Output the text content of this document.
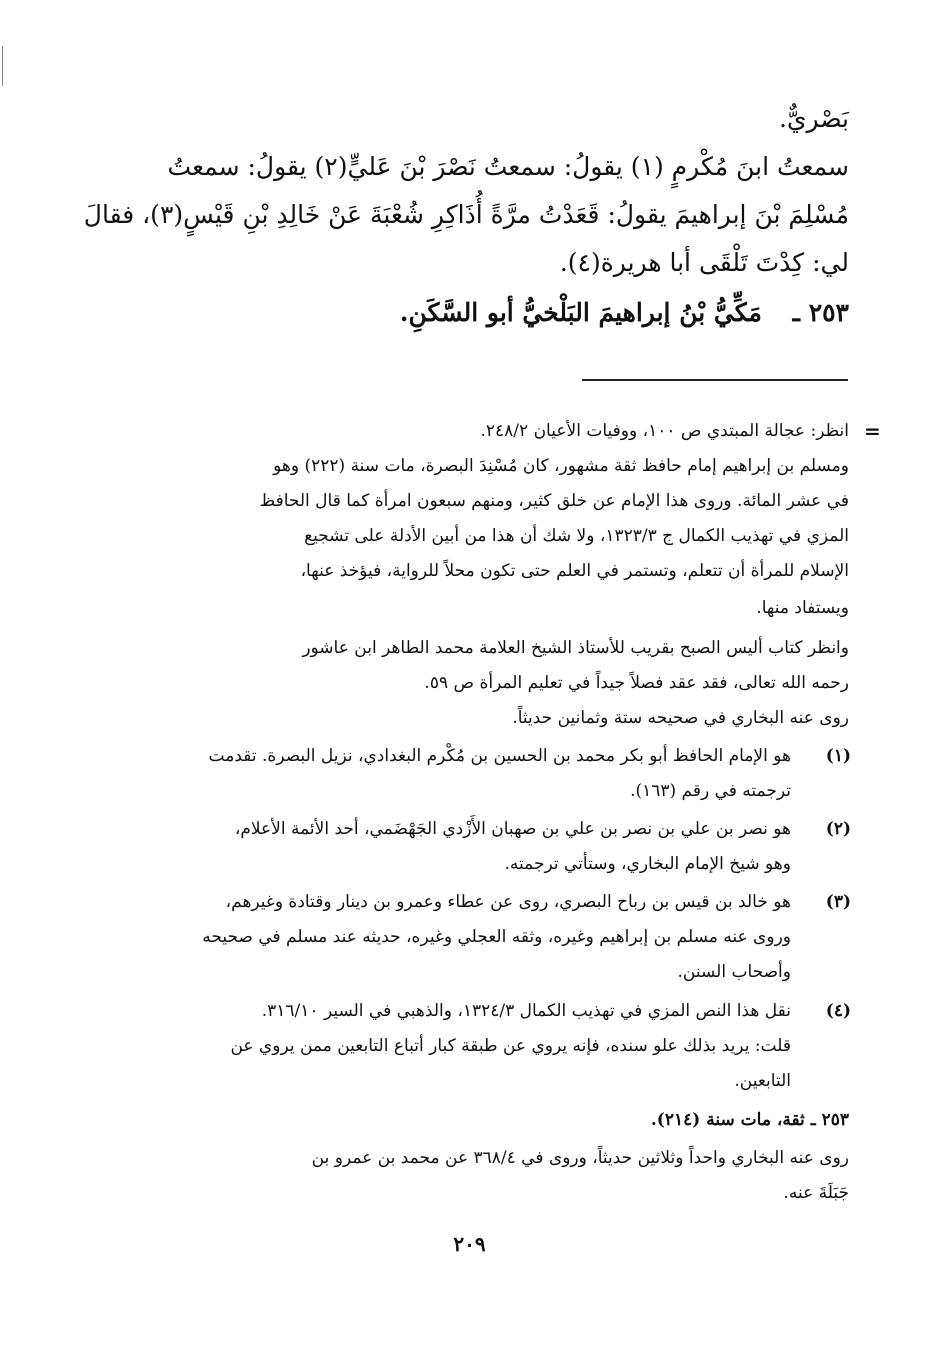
بَصْريٌّ.
سمعتُ ابنَ مُكْرمٍ (١) يقولُ: سمعتُ نَصْرَ بْنَ عَليٍّ(٢) يقولُ: سمعتُ
مُسْلِمَ بْنَ إبراهيمَ يقولُ: قَعَدْتُ مرَّةً أُذَاكِرِ شُعْبَةَ عَنْ خَالِدِ بْنِ قَيْسٍ(٣)، فقالَ
لي: كِدْتَ تَلْقَى أبا هريرة(٤).
٢٥٣ ـ مَكِّيُّ بْنُ إبراهيمَ البَلْخيُّ أبو السَّكَنِ.
=
انظر: عجالة المبتدي ص ١٠٠، ووفيات الأعيان ٢٤٨/٢.
ومسلم بن إبراهيم إمام حافظ ثقة مشهور، كان مُسْنِدَ البصرة، مات سنة (٢٢٢) وهو
في عشر المائة. وروى هذا الإمام عن خلق كثير، ومنهم سبعون امرأة كما قال الحافظ
المزي في تهذيب الكمال ج ١٣٢٣/٣، ولا شك أن هذا من أبين الأدلة على تشجيع
الإسلام للمرأة أن تتعلم، وتستمر في العلم حتى تكون محلاً للرواية، فيؤخذ عنها،
ويستفاد منها.
وانظر كتاب أليس الصبح بقريب للأستاذ الشيخ العلامة محمد الطاهر ابن عاشور
رحمه الله تعالى، فقد عقد فصلاً جيداً في تعليم المرأة ص ٥٩.
روى عنه البخاري في صحيحه ستة وثمانين حديثاً.
(١)
هو الإمام الحافظ أبو بكر محمد بن الحسين بن مُكْرم البغدادي، نزيل البصرة. تقدمت
ترجمته في رقم (١٦٣).
(٢)
هو نصر بن علي بن نصر بن علي بن صهبان الأَزْدي الجَهْضَمي، أحد الأئمة الأعلام،
وهو شيخ الإمام البخاري، وستأتي ترجمته.
(٣)
هو خالد بن قيس بن رباح البصري، روى عن عطاء وعمرو بن دينار وقتادة وغيرهم،
وروى عنه مسلم بن إبراهيم وغيره، وثقه العجلي وغيره، حديثه عند مسلم في صحيحه
وأصحاب السنن.
(٤)
نقل هذا النص المزي في تهذيب الكمال ١٣٢٤/٣، والذهبي في السير ٣١٦/١٠.
قلت: يريد بذلك علو سنده، فإنه يروي عن طبقة كبار أتباع التابعين ممن يروي عن
التابعين.
٢٥٣ ـ ثقة، مات سنة (٢١٤).
روى عنه البخاري واحداً وثلاثين حديثاً، وروى في ٣٦٨/٤ عن محمد بن عمرو بن
جَبَلَةَ عنه.
٢٠٩
